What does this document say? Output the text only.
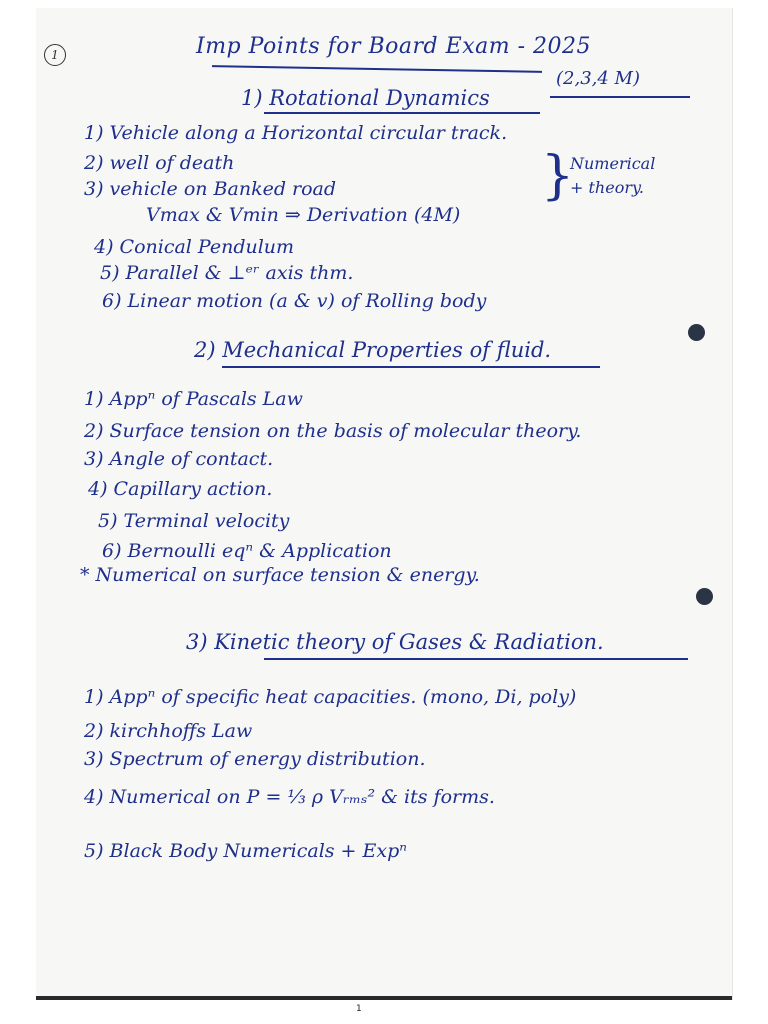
1	Imp Points for Board Exam - 2025
(2,3,4 M)
1) Rotational Dynamics
1) Vehicle along a Horizontal circular track.
2) well of death
3) vehicle on Banked road
Vmax & Vmin ⇒ Derivation (4M)
4) Conical Pendulum
5) Parallel & ⊥ᵉʳ axis thm.
6) Linear motion (a & v) of Rolling body
}
Numerical
+ theory.
2) Mechanical Properties of fluid.
1) Appⁿ of Pascals Law
2) Surface tension on the basis of molecular theory.
3) Angle of contact.
4) Capillary action.
5) Terminal velocity
6) Bernoulli eqⁿ & Application
* Numerical on surface tension & energy.
3) Kinetic theory of Gases & Radiation.
1) Appⁿ of specific heat capacities. (mono, Di, poly)
2) kirchhoffs Law
3) Spectrum of energy distribution.
4) Numerical on P = ⅓ ρ Vᵣₘₛ² & its forms.
5) Black Body Numericals + Expⁿ
1
